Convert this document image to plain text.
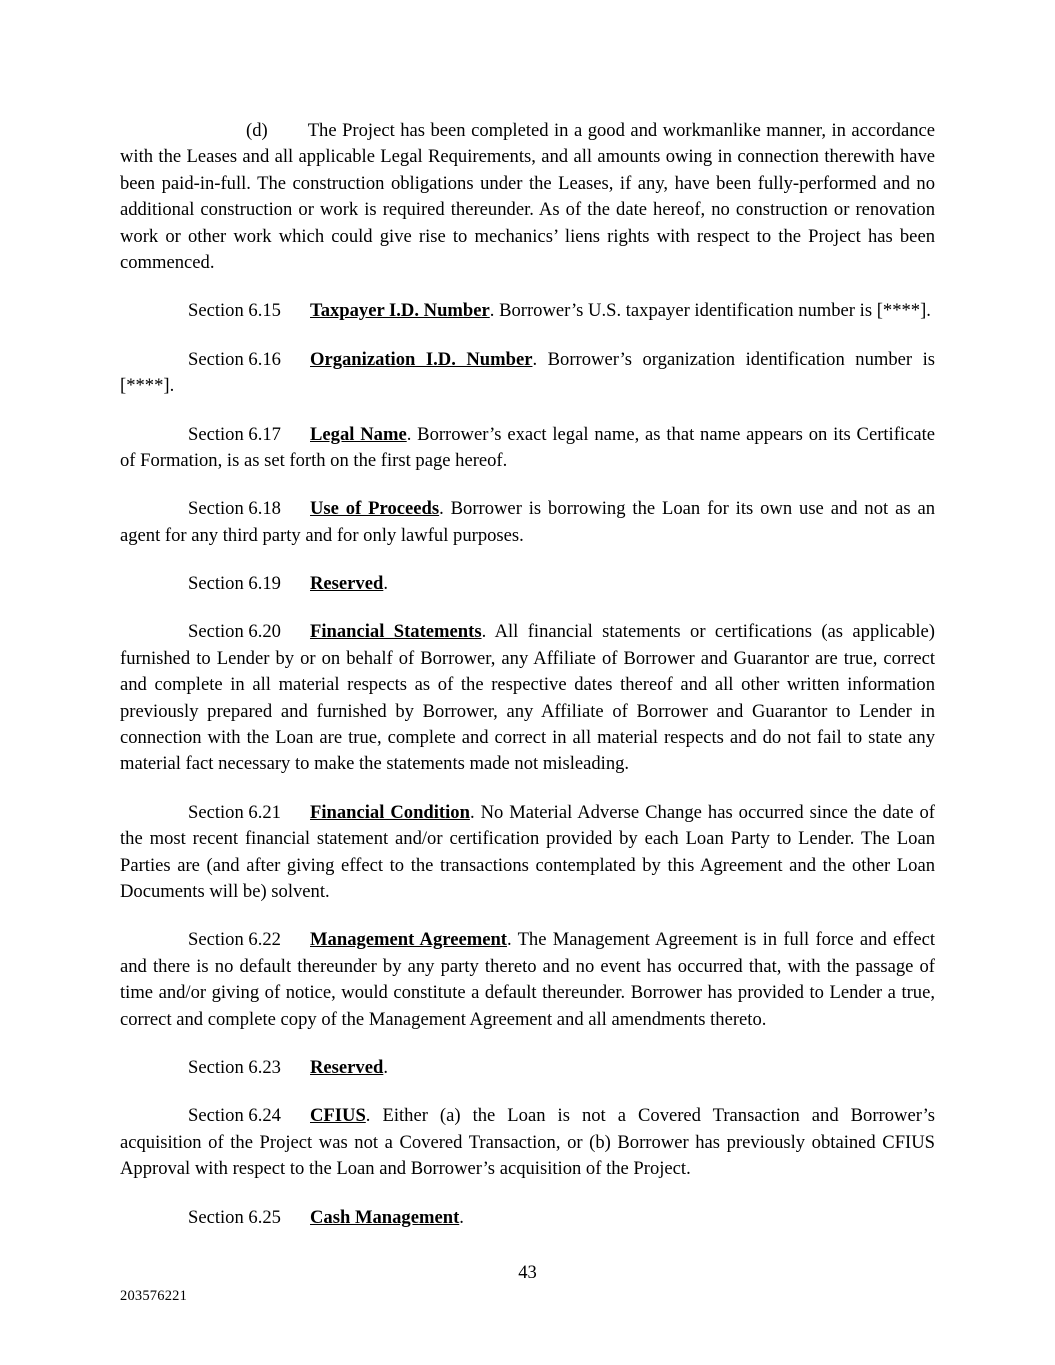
(d) The Project has been completed in a good and workmanlike manner, in accordance with the Leases and all applicable Legal Requirements, and all amounts owing in connection therewith have been paid-in-full. The construction obligations under the Leases, if any, have been fully-performed and no additional construction or work is required thereunder. As of the date hereof, no construction or renovation work or other work which could give rise to mechanics’ liens rights with respect to the Project has been commenced.

Section 6.15 Taxpayer I.D. Number. Borrower’s U.S. taxpayer identification number is [****].

Section 6.16 Organization I.D. Number. Borrower’s organization identification number is [****].

Section 6.17 Legal Name. Borrower’s exact legal name, as that name appears on its Certificate of Formation, is as set forth on the first page hereof.

Section 6.18 Use of Proceeds. Borrower is borrowing the Loan for its own use and not as an agent for any third party and for only lawful purposes.

Section 6.19 Reserved.

Section 6.20 Financial Statements. All financial statements or certifications (as applicable) furnished to Lender by or on behalf of Borrower, any Affiliate of Borrower and Guarantor are true, correct and complete in all material respects as of the respective dates thereof and all other written information previously prepared and furnished by Borrower, any Affiliate of Borrower and Guarantor to Lender in connection with the Loan are true, complete and correct in all material respects and do not fail to state any material fact necessary to make the statements made not misleading.

Section 6.21 Financial Condition. No Material Adverse Change has occurred since the date of the most recent financial statement and/or certification provided by each Loan Party to Lender. The Loan Parties are (and after giving effect to the transactions contemplated by this Agreement and the other Loan Documents will be) solvent.

Section 6.22 Management Agreement. The Management Agreement is in full force and effect and there is no default thereunder by any party thereto and no event has occurred that, with the passage of time and/or giving of notice, would constitute a default thereunder. Borrower has provided to Lender a true, correct and complete copy of the Management Agreement and all amendments thereto.

Section 6.23 Reserved.

Section 6.24 CFIUS. Either (a) the Loan is not a Covered Transaction and Borrower’s acquisition of the Project was not a Covered Transaction, or (b) Borrower has previously obtained CFIUS Approval with respect to the Loan and Borrower’s acquisition of the Project.

Section 6.25 Cash Management.

43
203576221
